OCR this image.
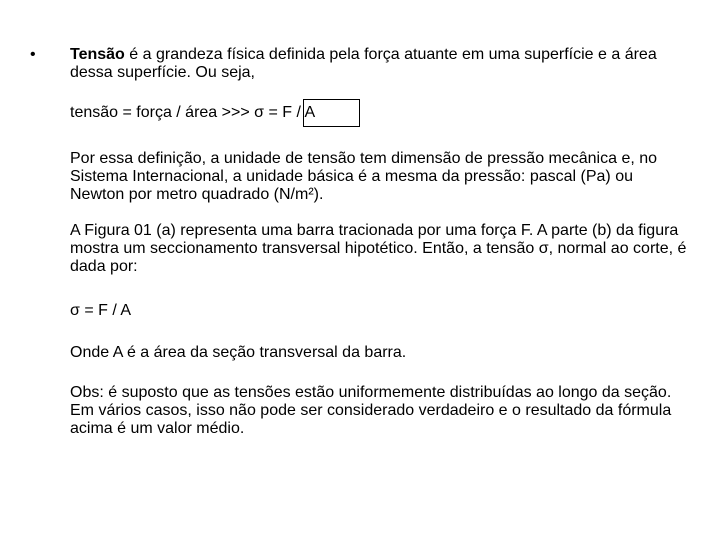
• Tensão é a grandeza física definida pela força atuante em uma superfície e a área dessa superfície. Ou seja,

tensão = força / área >>> σ = F / A

Por essa definição, a unidade de tensão tem dimensão de pressão mecânica e, no Sistema Internacional, a unidade básica é a mesma da pressão: pascal (Pa) ou Newton por metro quadrado (N/m²).

A Figura 01 (a) representa uma barra tracionada por uma força F. A parte (b) da figura mostra um seccionamento transversal hipotético. Então, a tensão σ, normal ao corte, é dada por:

σ = F / A

Onde A é a área da seção transversal da barra.

Obs: é suposto que as tensões estão uniformemente distribuídas ao longo da seção. Em vários casos, isso não pode ser considerado verdadeiro e o resultado da fórmula acima é um valor médio.
